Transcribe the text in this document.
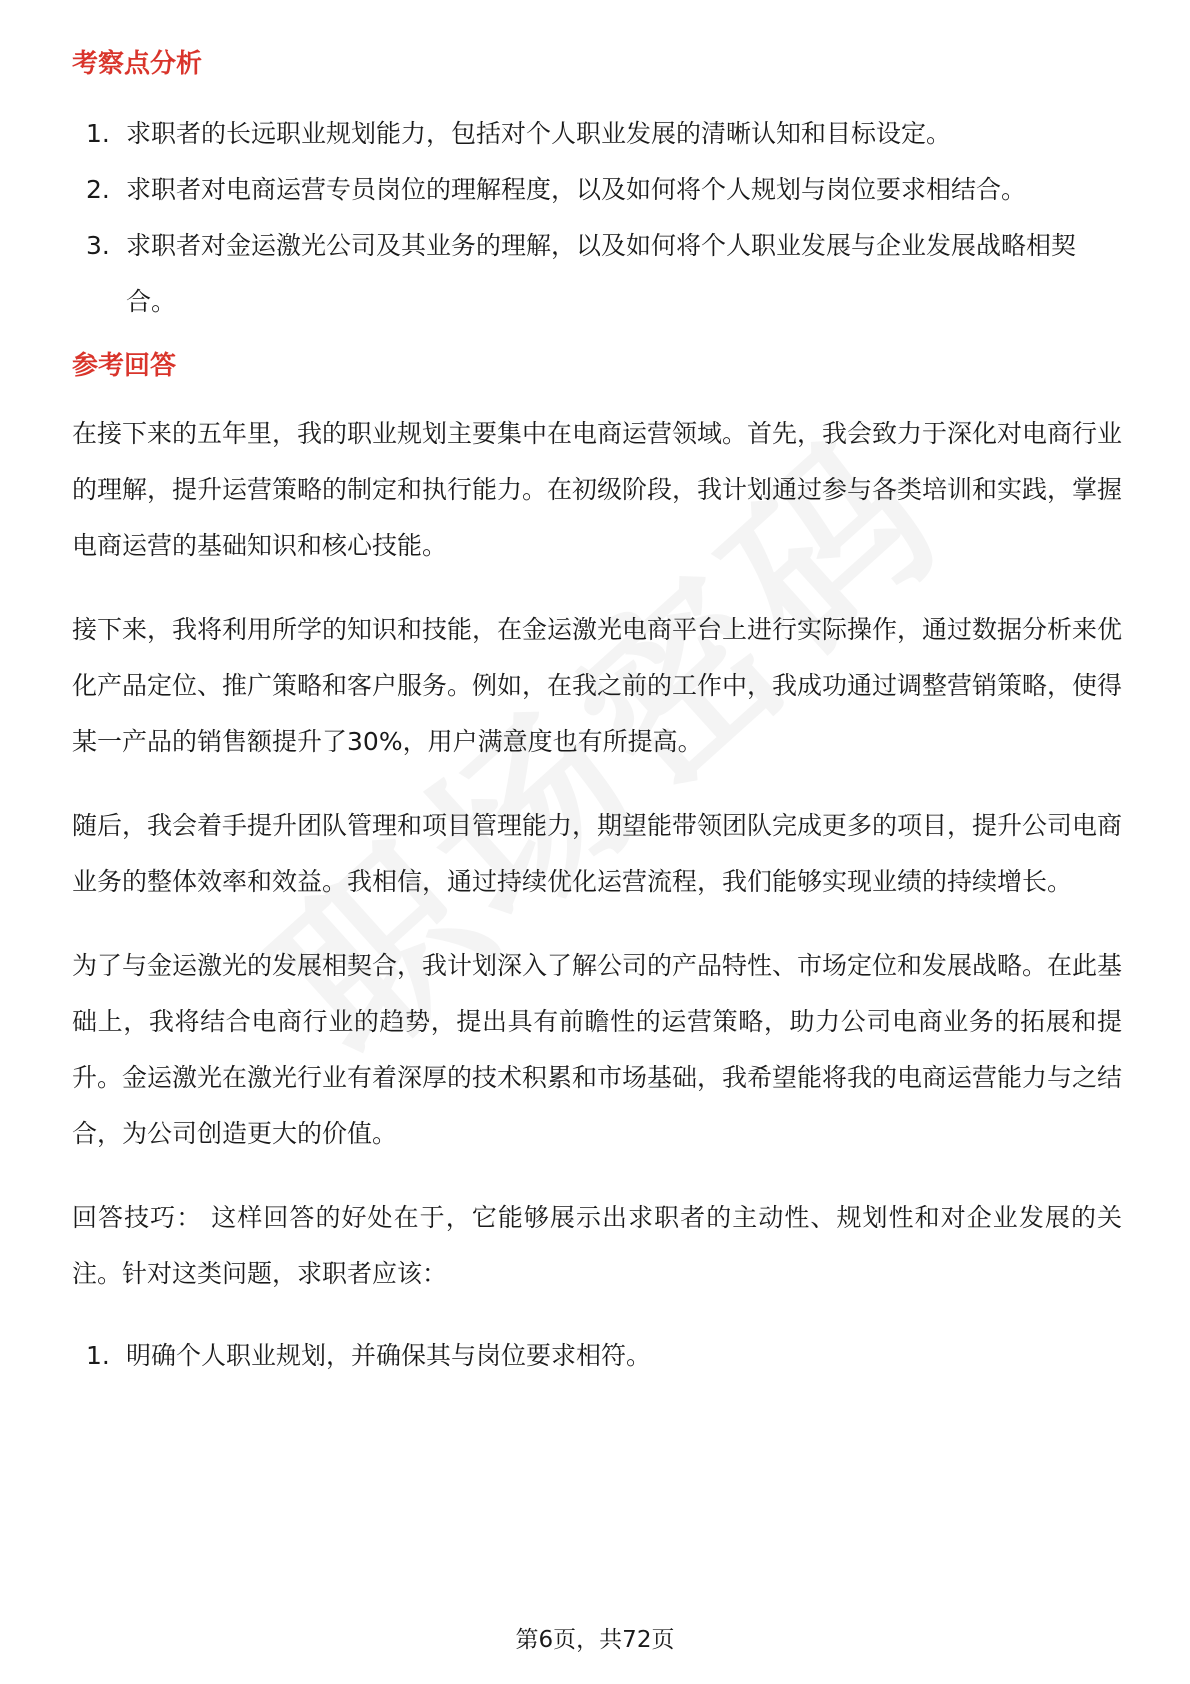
考察点分析
1. 求职者的长远职业规划能力，包括对个人职业发展的清晰认知和目标设定。
2. 求职者对电商运营专员岗位的理解程度，以及如何将个人规划与岗位要求相结合。
3. 求职者对金运激光公司及其业务的理解，以及如何将个人职业发展与企业发展战略相契合。
参考回答

在接下来的五年里，我的职业规划主要集中在电商运营领域。首先，我会致力于深化对电商行业的理解，提升运营策略的制定和执行能力。在初级阶段，我计划通过参与各类培训和实践，掌握电商运营的基础知识和核心技能。

接下来，我将利用所学的知识和技能，在金运激光电商平台上进行实际操作，通过数据分析来优化产品定位、推广策略和客户服务。例如，在我之前的工作中，我成功通过调整营销策略，使得某一产品的销售额提升了30%，用户满意度也有所提高。

随后，我会着手提升团队管理和项目管理能力，期望能带领团队完成更多的项目，提升公司电商业务的整体效率和效益。我相信，通过持续优化运营流程，我们能够实现业绩的持续增长。

为了与金运激光的发展相契合，我计划深入了解公司的产品特性、市场定位和发展战略。在此基础上，我将结合电商行业的趋势，提出具有前瞻性的运营策略，助力公司电商业务的拓展和提升。金运激光在激光行业有着深厚的技术积累和市场基础，我希望能将我的电商运营能力与之结合，为公司创造更大的价值。

回答技巧： 这样回答的好处在于，它能够展示出求职者的主动性、规划性和对企业发展的关注。针对这类问题，求职者应该：

1. 明确个人职业规划，并确保其与岗位要求相符。
第6页，共72页
